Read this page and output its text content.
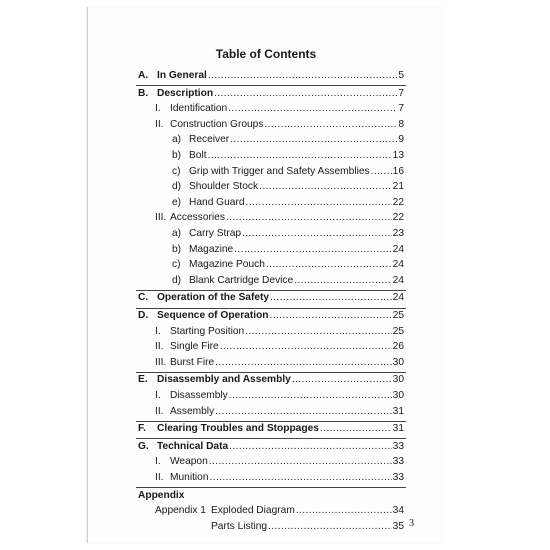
Table of Contents
A. In General .....	5
B. Description .....	7
I. Identification .....	7
II. Construction Groups .....	8
a) Receiver .....	9
b) Bolt .....	13
c) Grip with Trigger and Safety Assemblies ..... 16
d) Shoulder Stock .....	21
e) Hand Guard .....	22
III. Accessories .....	22
a) Carry Strap .....	23
b) Magazine .....	24
c) Magazine Pouch .....	24
d) Blank Cartridge Device .....	24
C. Operation of the Safety .....	24
D. Sequence of Operation .....	25
I. Starting Position .....	25
II. Single Fire .....	26
III. Burst Fire .....	30
E. Disassembly and Assembly .....	30
I. Disassembly .....	30
II. Assembly .....	31
F.	Clearing Troubles and Stoppages .....	31
G. Technical Data .....	33
I. Weapon .....	33
II. Munition .....	33
Appendix
Appendix 1 Exploded Diagram .....	34
Parts Listing .....	35 3
